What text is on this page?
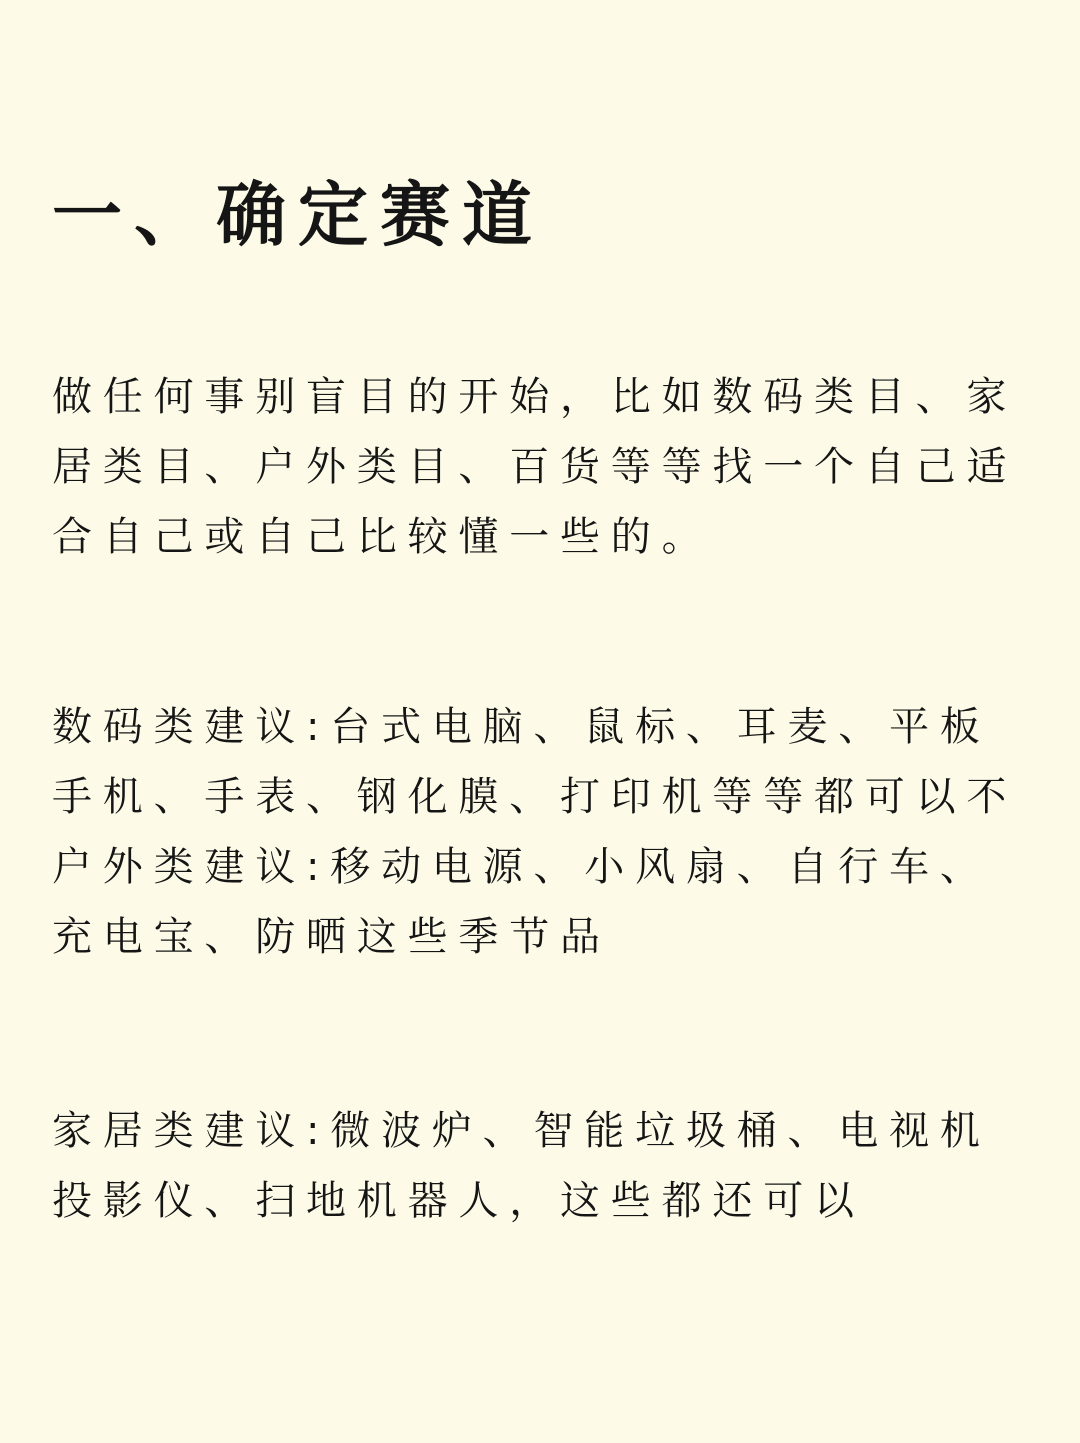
一、确定赛道

做任何事别盲目的开始，比如数码类目、家
居类目、户外类目、百货等等找一个自己适
合自己或自己比较懂一些的。

数码类建议:台式电脑、鼠标、耳麦、平板
手机、手表、钢化膜、打印机等等都可以不
户外类建议:移动电源、小风扇、自行车、
充电宝、防晒这些季节品

家居类建议:微波炉、智能垃圾桶、电视机
投影仪、扫地机器人，这些都还可以
